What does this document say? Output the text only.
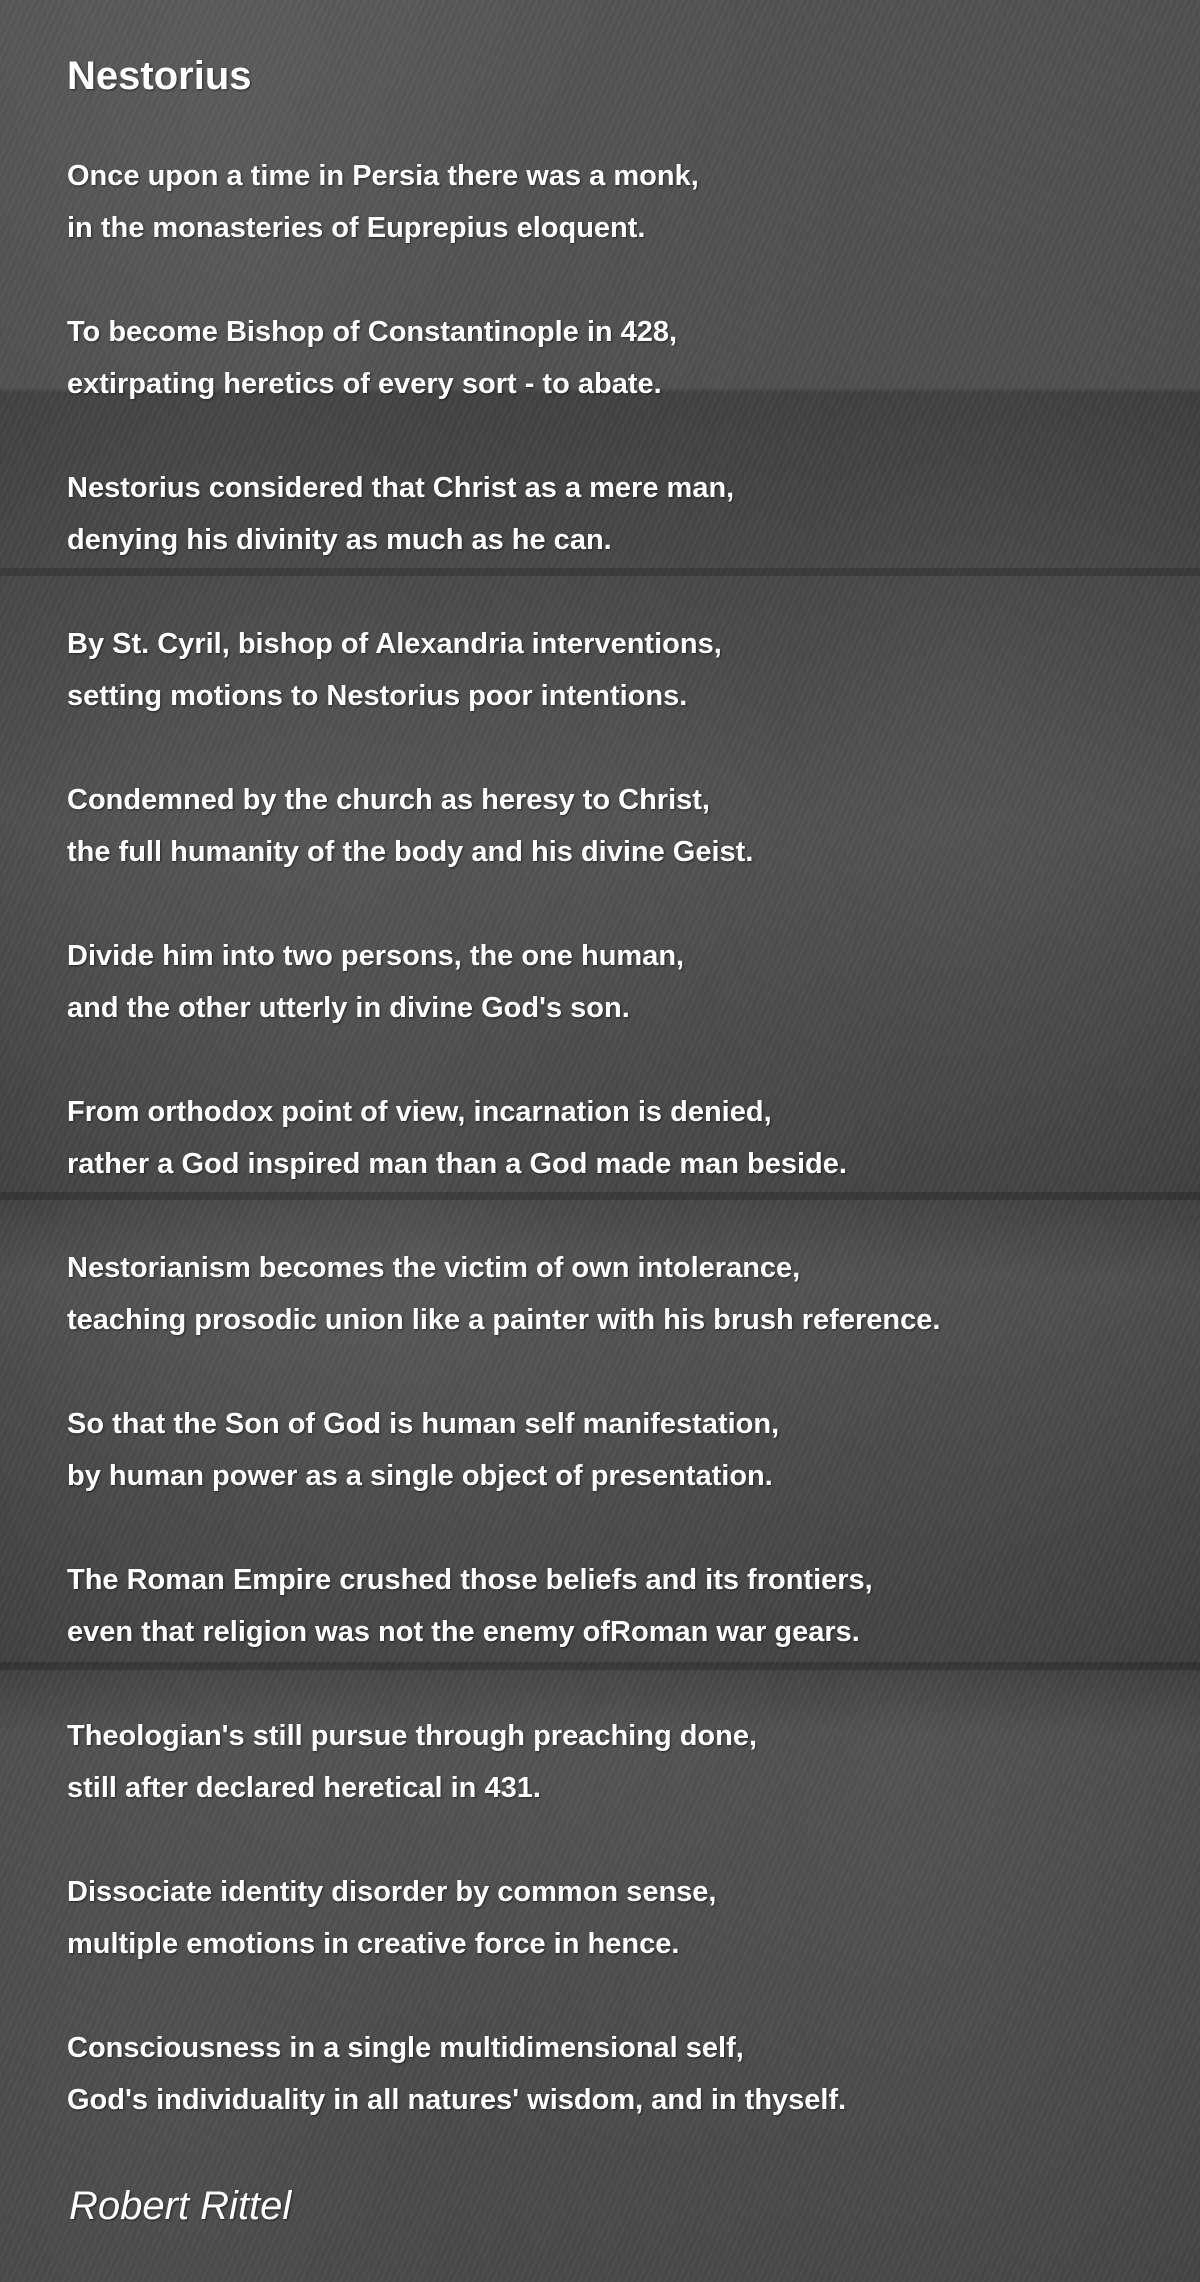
Nestorius

Once upon a time in Persia there was a monk,
in the monasteries of Euprepius eloquent.

To become Bishop of Constantinople in 428,
extirpating heretics of every sort - to abate.

Nestorius considered that Christ as a mere man,
denying his divinity as much as he can.

By St. Cyril, bishop of Alexandria interventions,
setting motions to Nestorius poor intentions.

Condemned by the church as heresy to Christ,
the full humanity of the body and his divine Geist.

Divide him into two persons, the one human,
and the other utterly in divine God's son.

From orthodox point of view, incarnation is denied,
rather a God inspired man than a God made man beside.

Nestorianism becomes the victim of own intolerance,
teaching prosodic union like a painter with his brush reference.

So that the Son of God is human self manifestation,
by human power as a single object of presentation.

The Roman Empire crushed those beliefs and its frontiers,
even that religion was not the enemy ofRoman war gears.

Theologian's still pursue through preaching done,
still after declared heretical in 431.

Dissociate identity disorder by common sense,
multiple emotions in creative force in hence.

Consciousness in a single multidimensional self,
God's individuality in all natures' wisdom, and in thyself.

Robert Rittel
